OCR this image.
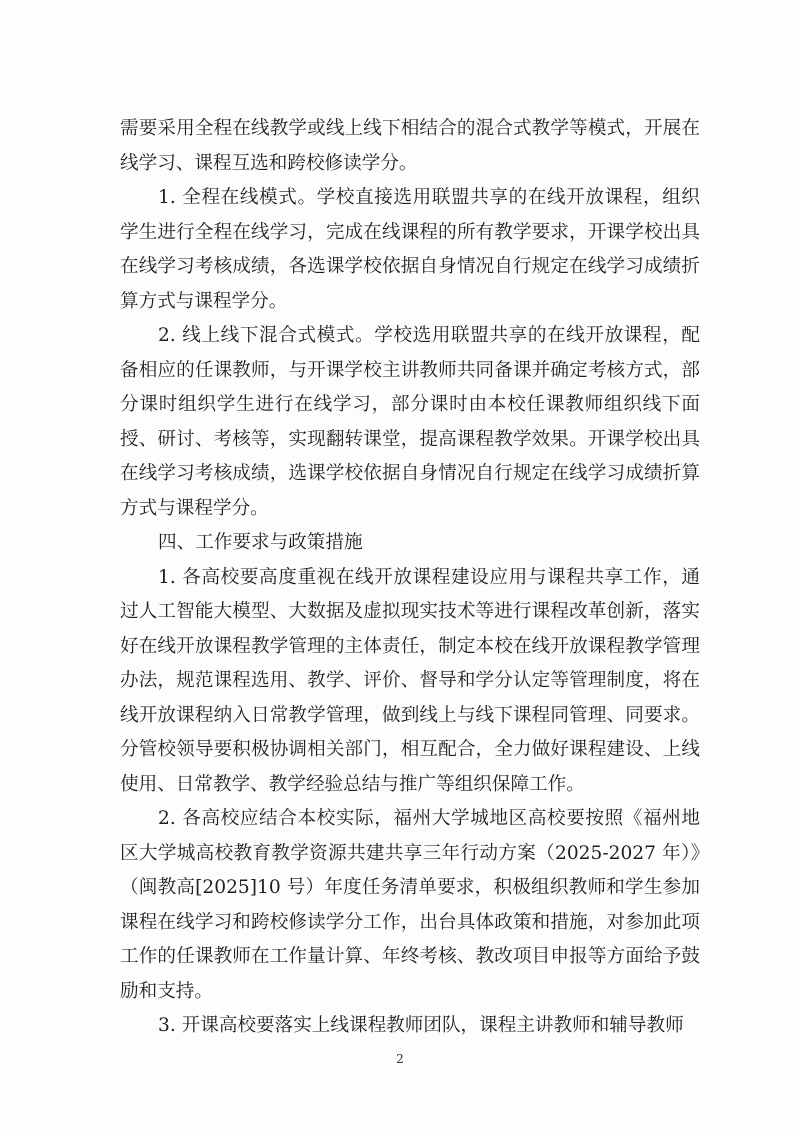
需要采用全程在线教学或线上线下相结合的混合式教学等模式，开展在线学习、课程互选和跨校修读学分。

1. 全程在线模式。学校直接选用联盟共享的在线开放课程，组织学生进行全程在线学习，完成在线课程的所有教学要求，开课学校出具在线学习考核成绩，各选课学校依据自身情况自行规定在线学习成绩折算方式与课程学分。

2. 线上线下混合式模式。学校选用联盟共享的在线开放课程，配备相应的任课教师，与开课学校主讲教师共同备课并确定考核方式，部分课时组织学生进行在线学习，部分课时由本校任课教师组织线下面授、研讨、考核等，实现翻转课堂，提高课程教学效果。开课学校出具在线学习考核成绩，选课学校依据自身情况自行规定在线学习成绩折算方式与课程学分。

四、工作要求与政策措施

1. 各高校要高度重视在线开放课程建设应用与课程共享工作，通过人工智能大模型、大数据及虚拟现实技术等进行课程改革创新，落实好在线开放课程教学管理的主体责任，制定本校在线开放课程教学管理办法，规范课程选用、教学、评价、督导和学分认定等管理制度，将在线开放课程纳入日常教学管理，做到线上与线下课程同管理、同要求。分管校领导要积极协调相关部门，相互配合，全力做好课程建设、上线使用、日常教学、教学经验总结与推广等组织保障工作。

2. 各高校应结合本校实际，福州大学城地区高校要按照《福州地区大学城高校教育教学资源共建共享三年行动方案（2025-2027 年）》（闽教高[2025]10 号）年度任务清单要求，积极组织教师和学生参加课程在线学习和跨校修读学分工作，出台具体政策和措施，对参加此项工作的任课教师在工作量计算、年终考核、教改项目申报等方面给予鼓励和支持。

3. 开课高校要落实上线课程教师团队，课程主讲教师和辅导教师

2
